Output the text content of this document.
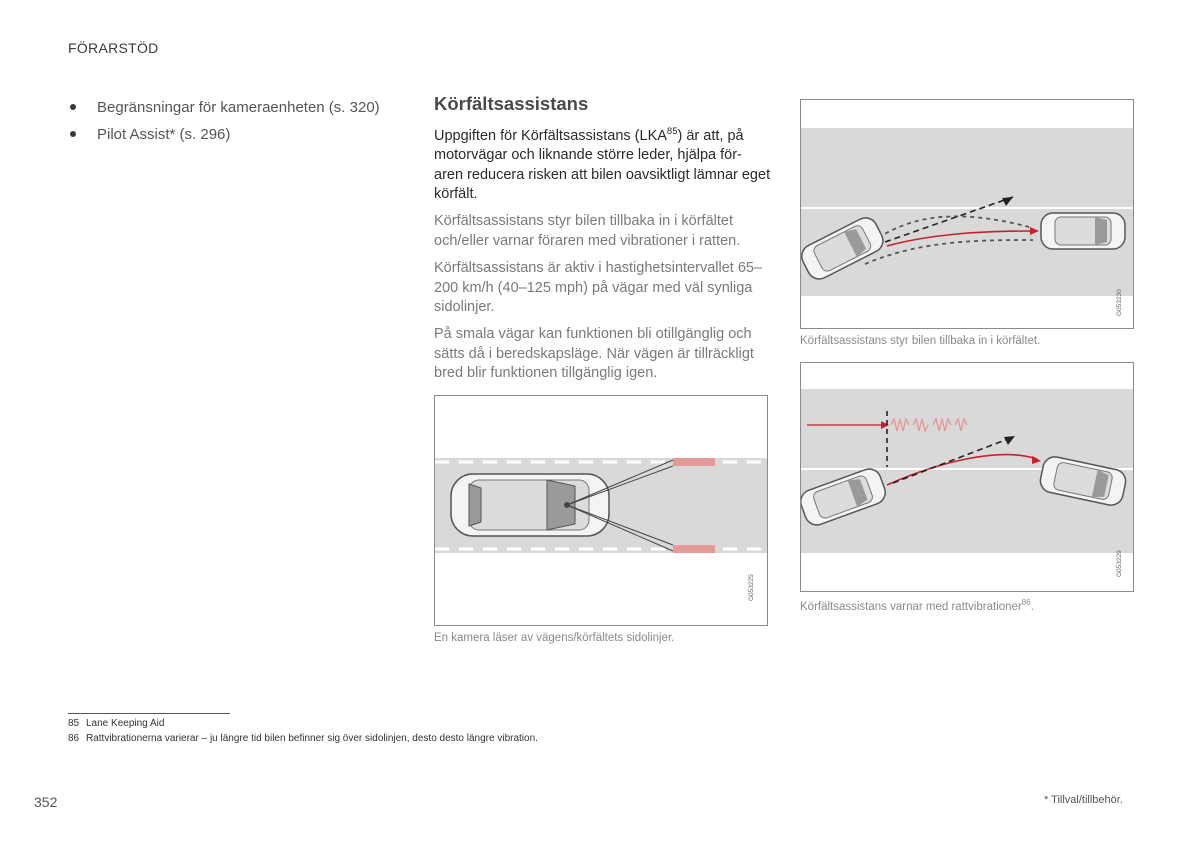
FÖRARSTÖD
Begränsningar för kameraenheten (s. 320)
Pilot Assist* (s. 296)
Körfältsassistans
Uppgiften för Körfältsassistans (LKA$^{85}$) är att, på motorvägar och liknande större leder, hjälpa för- aren reducera risken att bilen oavsiktligt lämnar eget körfält.
Körfältsassistans styr bilen tillbaka in i körfältet och/eller varnar föraren med vibrationer i ratten.
Körfältsassistans är aktiv i hastighetsintervallet 65–200 km/h (40–125 mph) på vägar med väl synliga sidolinjer.
På smala vägar kan funktionen bli otillgänglig och sätts då i beredskapsläge. När vägen är tillräckligt bred blir funktionen tillgänglig igen.
G053225
En kamera läser av vägens/körfältets sidolinjer.
G053230
Körfältsassistans styr bilen tillbaka in i körfältet.
G053229
Körfältsassistans varnar med rattvibrationer$^{86}$.
85 Lane Keeping Aid
86 Rattvibrationerna varierar – ju längre tid bilen befinner sig över sidolinjen, desto desto längre vibration.
352	* Tillval/tillbehör.
